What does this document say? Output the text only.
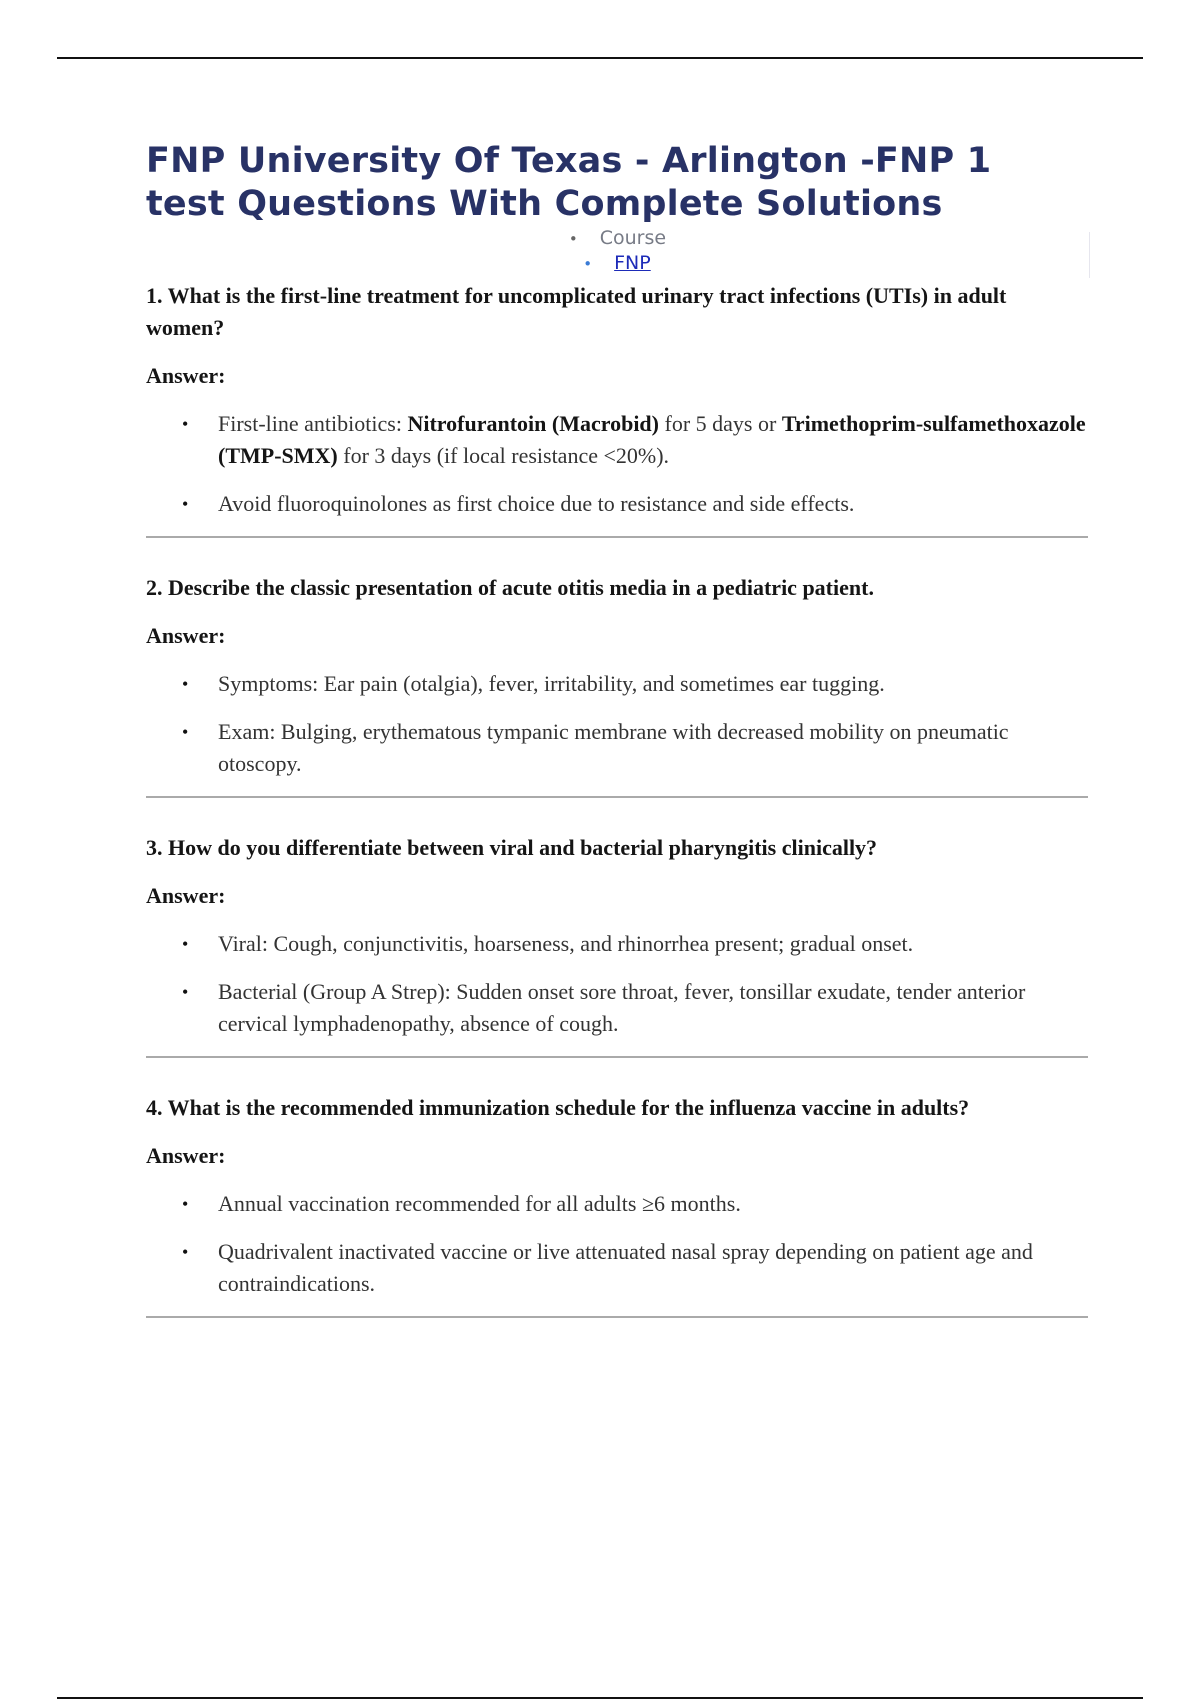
FNP University Of Texas - Arlington -FNP 1
test Questions With Complete Solutions
• Course
• FNP

1. What is the first-line treatment for uncomplicated urinary tract infections (UTIs) in adult women?

Answer:

• First-line antibiotics: Nitrofurantoin (Macrobid) for 5 days or Trimethoprim-sulfamethoxazole (TMP-SMX) for 3 days (if local resistance <20%).
• Avoid fluoroquinolones as first choice due to resistance and side effects.

2. Describe the classic presentation of acute otitis media in a pediatric patient.

Answer:

• Symptoms: Ear pain (otalgia), fever, irritability, and sometimes ear tugging.
• Exam: Bulging, erythematous tympanic membrane with decreased mobility on pneumatic otoscopy.

3. How do you differentiate between viral and bacterial pharyngitis clinically?

Answer:

• Viral: Cough, conjunctivitis, hoarseness, and rhinorrhea present; gradual onset.
• Bacterial (Group A Strep): Sudden onset sore throat, fever, tonsillar exudate, tender anterior cervical lymphadenopathy, absence of cough.

4. What is the recommended immunization schedule for the influenza vaccine in adults?

Answer:

• Annual vaccination recommended for all adults ≥6 months.
• Quadrivalent inactivated vaccine or live attenuated nasal spray depending on patient age and contraindications.
